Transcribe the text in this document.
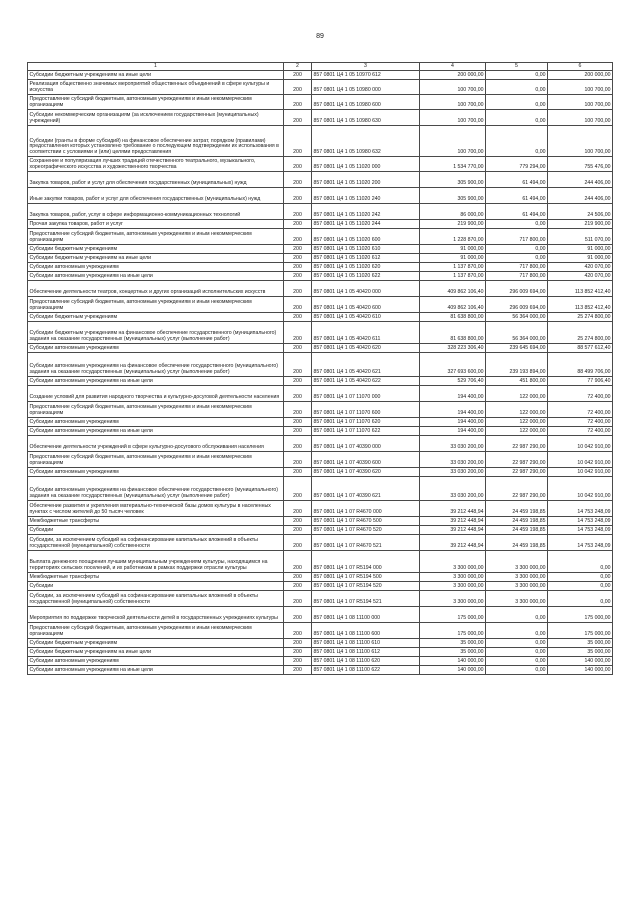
89
1	2	3	4	5	6
Субсидии бюджетным учреждениям на иные цели	200	857 0801 Ц4 1 05 10970 612	200 000,00	0,00	200 000,00
Реализация общественно значимых мероприятий общественных объединений в сфере культуры и искусства	200	857 0801 Ц4 1 05 10980 000	100 700,00	0,00	100 700,00
Предоставление субсидий бюджетным, автономным учреждениям и иным некоммерческим организациям	200	857 0801 Ц4 1 05 10980 600	100 700,00	0,00	100 700,00
Субсидии некоммерческим организациям (за исключением государственных (муниципальных) учреждений)	200	857 0801 Ц4 1 05 10980 630	100 700,00	0,00	100 700,00
Субсидии (гранты в форме субсидий) на финансовое обеспечение затрат, порядком (правилами) предоставления которых установлено требование о последующем подтверждении их использования в соответствии с условиями и (или) целями предоставления	200	857 0801 Ц4 1 05 10980 632	100 700,00	0,00	100 700,00
Сохранение и популяризация лучших традиций отечественного театрального, музыкального, хореографического искусства и художественного творчества	200	857 0801 Ц4 1 05 11020 000	1 534 770,00	779 294,00	755 476,00
Закупка товаров, работ и услуг для обеспечения государственных (муниципальных) нужд	200	857 0801 Ц4 1 05 11020 200	305 900,00	61 494,00	244 406,00
Иные закупки товаров, работ и услуг для обеспечения государственных (муниципальных) нужд	200	857 0801 Ц4 1 05 11020 240	305 900,00	61 494,00	244 406,00
Закупка товаров, работ, услуг в сфере информационно-коммуникационных технологий	200	857 0801 Ц4 1 05 11020 242	86 000,00	61 494,00	24 506,00
Прочая закупка товаров, работ и услуг	200	857 0801 Ц4 1 05 11020 244	219 900,00	0,00	219 900,00
Предоставление субсидий бюджетным, автономным учреждениям и иным некоммерческим организациям	200	857 0801 Ц4 1 05 11020 600	1 228 870,00	717 800,00	511 070,00
Субсидии бюджетным учреждениям	200	857 0801 Ц4 1 05 11020 610	91 000,00	0,00	91 000,00
Субсидии бюджетным учреждениям на иные цели	200	857 0801 Ц4 1 05 11020 612	91 000,00	0,00	91 000,00
Субсидии автономным учреждениям	200	857 0801 Ц4 1 05 11020 620	1 137 870,00	717 800,00	420 070,00
Субсидии автономным учреждениям на иные цели	200	857 0801 Ц4 1 05 11020 622	1 137 870,00	717 800,00	420 070,00
Обеспечение деятельности театров, концертных и других организаций исполнительских искусств	200	857 0801 Ц4 1 05 40420 000	409 862 106,40	296 009 694,00	113 852 412,40
Предоставление субсидий бюджетным, автономным учреждениям и иным некоммерческим организациям	200	857 0801 Ц4 1 05 40420 600	409 862 106,40	296 009 694,00	113 852 412,40
Субсидии бюджетным учреждениям	200	857 0801 Ц4 1 05 40420 610	81 638 800,00	56 364 000,00	25 274 800,00
Субсидии бюджетным учреждениям на финансовое обеспечение государственного (муниципального) задания на оказание государственных (муниципальных) услуг (выполнение работ)	200	857 0801 Ц4 1 05 40420 611	81 638 800,00	56 364 000,00	25 274 800,00
Субсидии автономным учреждениям	200	857 0801 Ц4 1 05 40420 620	328 223 306,40	239 645 694,00	88 577 612,40
Субсидии автономным учреждениям на финансовое обеспечение государственного (муниципального) задания на оказание государственных (муниципальных) услуг (выполнение работ)	200	857 0801 Ц4 1 05 40420 621	327 693 600,00	239 193 894,00	88 499 706,00
Субсидии автономным учреждениям на иные цели	200	857 0801 Ц4 1 05 40420 622	529 706,40	451 800,00	77 906,40
Создание условий для развития народного творчества и культурно-досуговой деятельности населения	200	857 0801 Ц4 1 07 11070 000	194 400,00	122 000,00	72 400,00
Предоставление субсидий бюджетным, автономным учреждениям и иным некоммерческим организациям	200	857 0801 Ц4 1 07 11070 600	194 400,00	122 000,00	72 400,00
Субсидии автономным учреждениям	200	857 0801 Ц4 1 07 11070 620	194 400,00	122 000,00	72 400,00
Субсидии автономным учреждениям на иные цели	200	857 0801 Ц4 1 07 11070 622	194 400,00	122 000,00	72 400,00
Обеспечение деятельности учреждений в сфере культурно-досугового обслуживания населения	200	857 0801 Ц4 1 07 40390 000	33 030 200,00	22 987 290,00	10 042 910,00
Предоставление субсидий бюджетным, автономным учреждениям и иным некоммерческим организациям	200	857 0801 Ц4 1 07 40390 600	33 030 200,00	22 987 290,00	10 042 910,00
Субсидии автономным учреждениям	200	857 0801 Ц4 1 07 40390 620	33 030 200,00	22 987 290,00	10 042 910,00
Субсидии автономным учреждениям на финансовое обеспечение государственного (муниципального) задания на оказание государственных (муниципальных) услуг (выполнение работ)	200	857 0801 Ц4 1 07 40390 621	33 030 200,00	22 987 290,00	10 042 910,00
Обеспечение развития и укрепления материально-технической базы домов культуры в населенных пунктах с числом жителей до 50 тысяч человек	200	857 0801 Ц4 1 07 R4670 000	39 212 448,94	24 459 198,85	14 753 248,09
Межбюджетные трансферты	200	857 0801 Ц4 1 07 R4670 500	39 212 448,94	24 459 198,85	14 753 248,09
Субсидии	200	857 0801 Ц4 1 07 R4670 520	39 212 448,94	24 459 198,85	14 753 248,09
Субсидии, за исключением субсидий на софинансирование капитальных вложений в объекты государственной (муниципальной) собственности	200	857 0801 Ц4 1 07 R4670 521	39 212 448,94	24 459 198,85	14 753 248,09
Выплата денежного поощрения лучшим муниципальным учреждениям культуры, находящимся на территориях сельских поселений, и их работникам в рамках поддержки отрасли культуры	200	857 0801 Ц4 1 07 R5194 000	3 300 000,00	3 300 000,00	0,00
Межбюджетные трансферты	200	857 0801 Ц4 1 07 R5194 500	3 300 000,00	3 300 000,00	0,00
Субсидии	200	857 0801 Ц4 1 07 R5194 520	3 300 000,00	3 300 000,00	0,00
Субсидии, за исключением субсидий на софинансирование капитальных вложений в объекты государственной (муниципальной) собственности	200	857 0801 Ц4 1 07 R5194 521	3 300 000,00	3 300 000,00	0,00
Мероприятия по поддержке творческой деятельности детей в государственных учреждениях культуры	200	857 0801 Ц4 1 08 11100 000	175 000,00	0,00	175 000,00
Предоставление субсидий бюджетным, автономным учреждениям и иным некоммерческим организациям	200	857 0801 Ц4 1 08 11100 600	175 000,00	0,00	175 000,00
Субсидии бюджетным учреждениям	200	857 0801 Ц4 1 08 11100 610	35 000,00	0,00	35 000,00
Субсидии бюджетным учреждениям на иные цели	200	857 0801 Ц4 1 08 11100 612	35 000,00	0,00	35 000,00
Субсидии автономным учреждениям	200	857 0801 Ц4 1 08 11100 620	140 000,00	0,00	140 000,00
Субсидии автономным учреждениям на иные цели	200	857 0801 Ц4 1 08 11100 622	140 000,00	0,00	140 000,00
